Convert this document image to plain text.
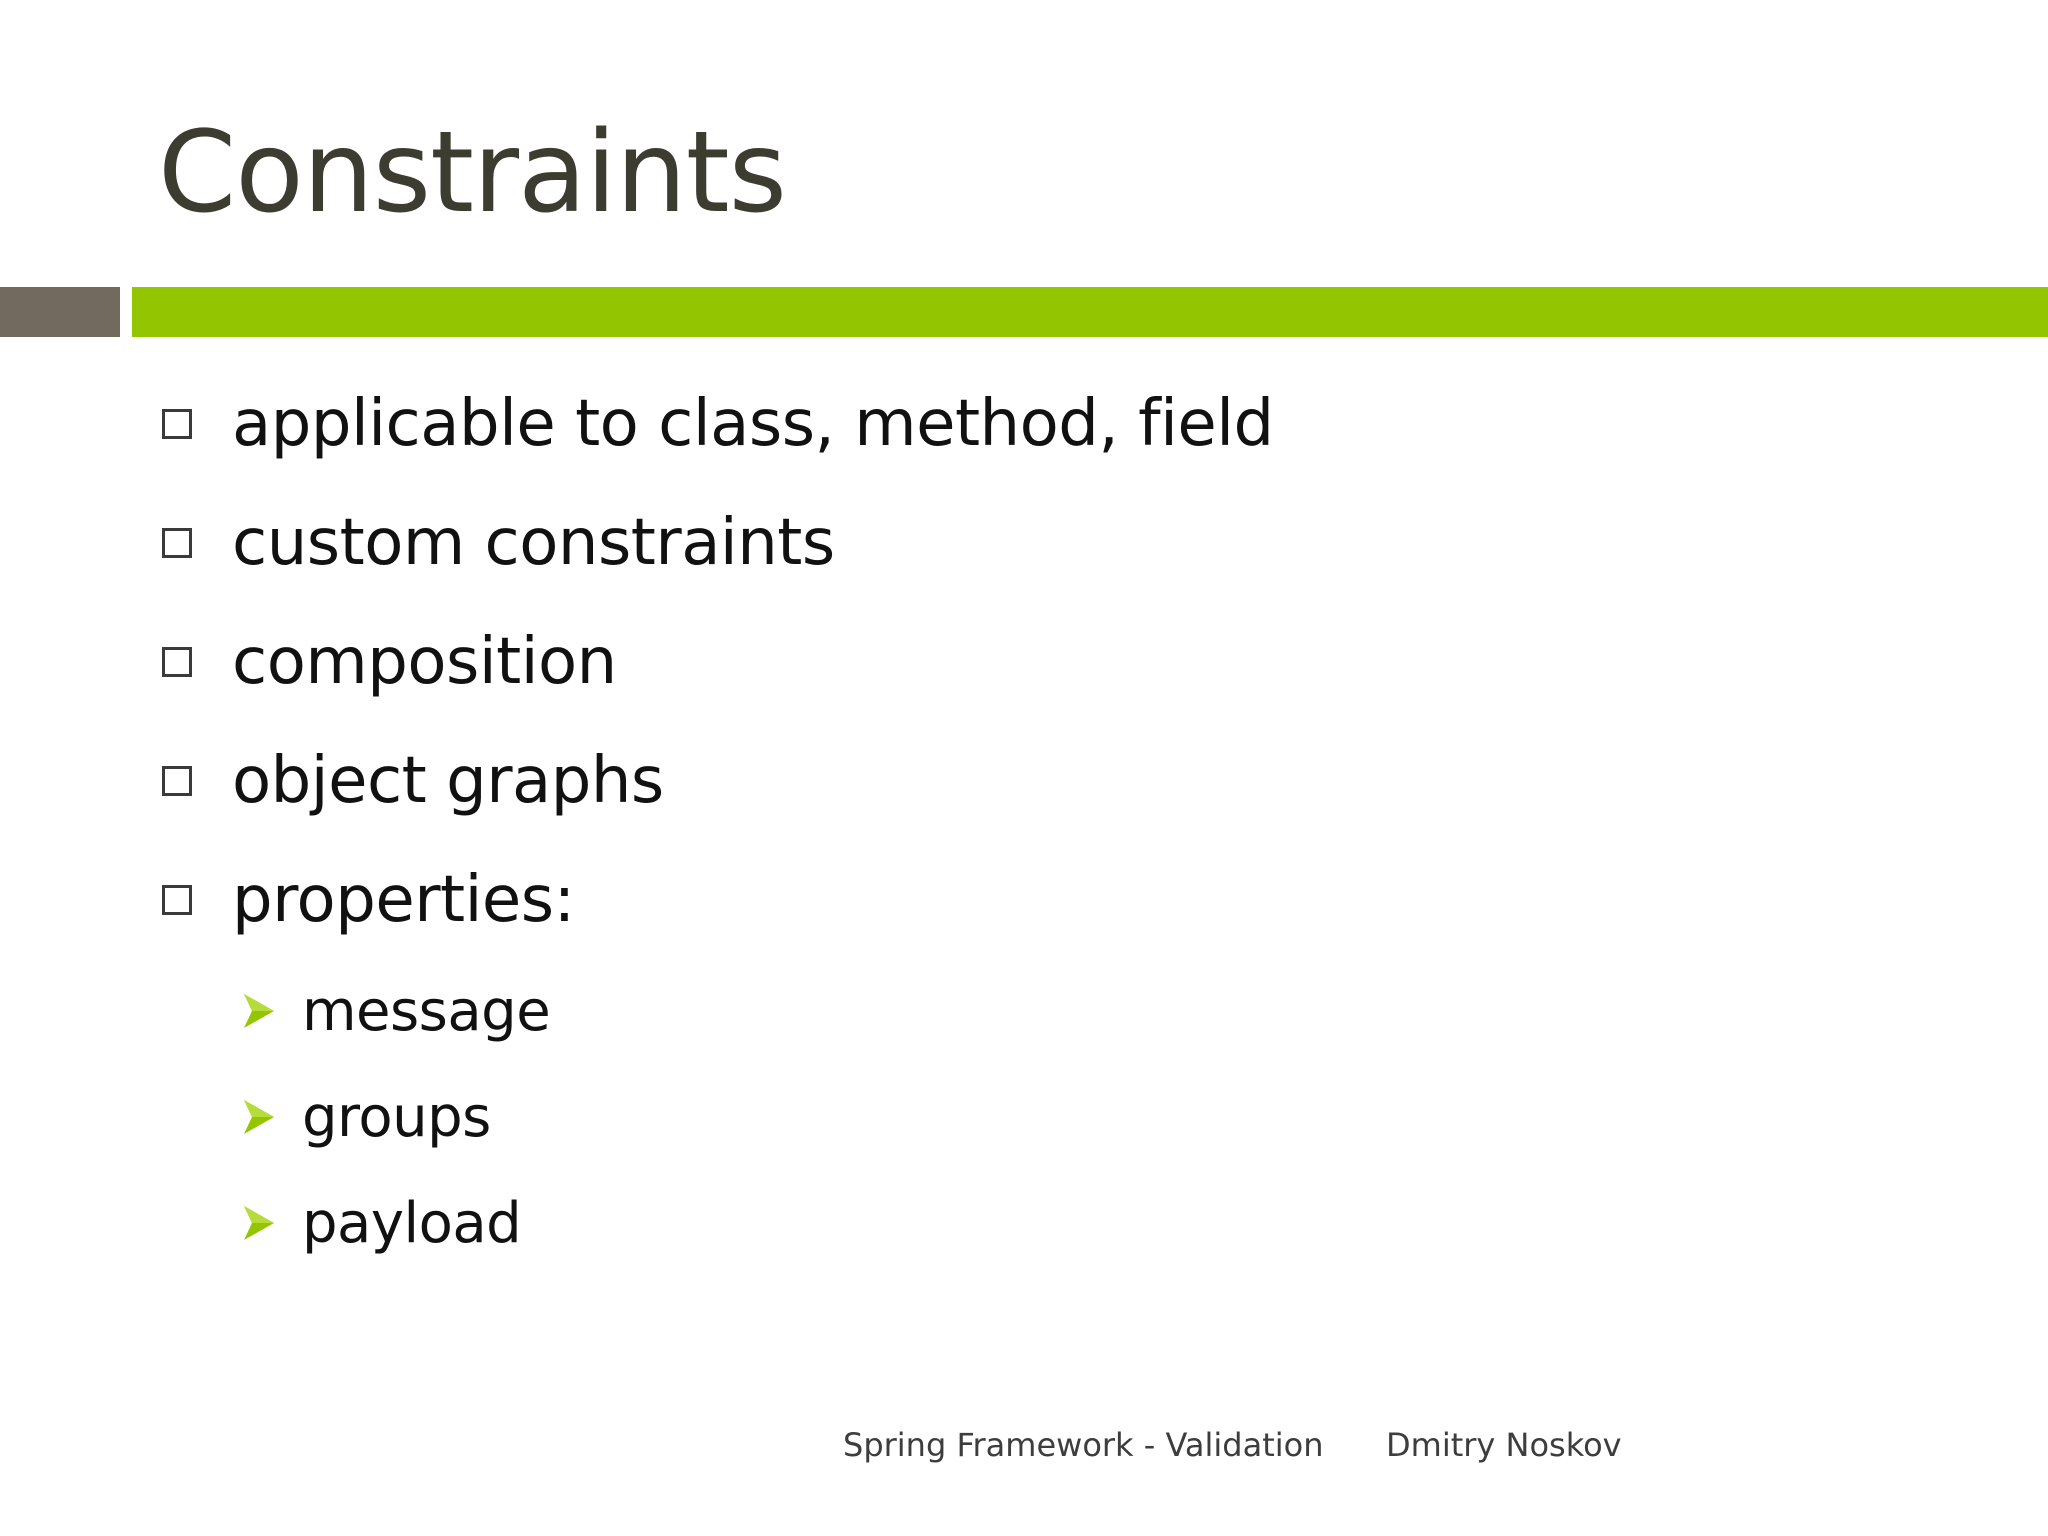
Constraints
applicable to class, method, field
custom constraints
composition
object graphs
properties:
message
groups
payload
Spring Framework - Validation Dmitry Noskov
